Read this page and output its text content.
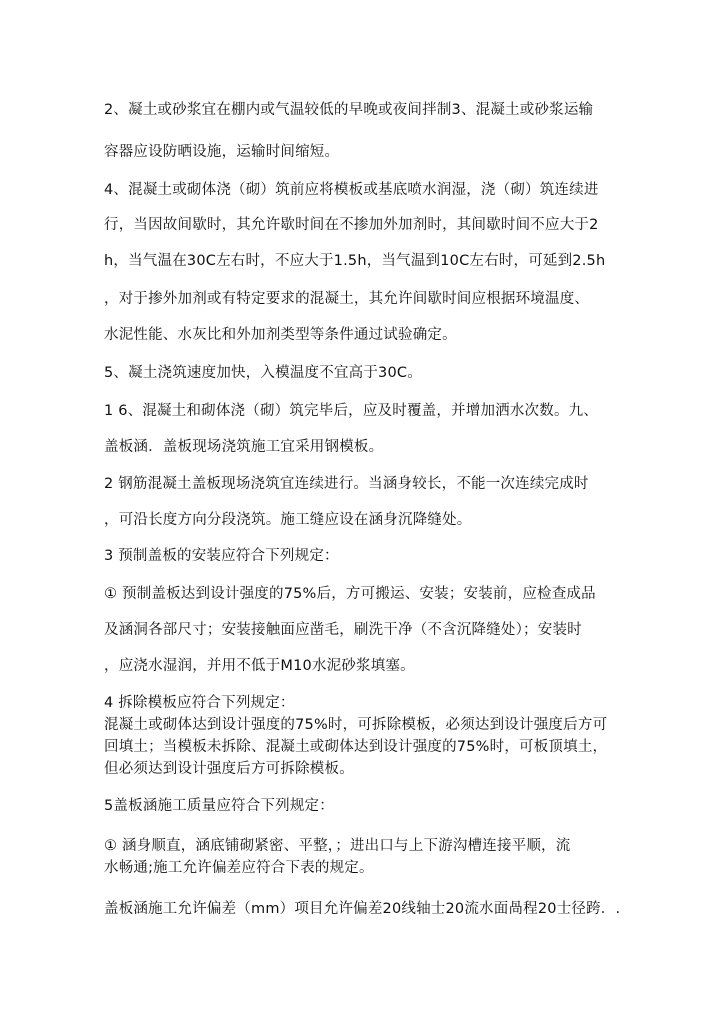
2、凝土或砂浆宜在棚内或气温较低的早晚或夜间拌制3、混凝土或砂浆运输
容器应设防晒设施，运输时间缩短。
4、混凝土或砌体浇（砌）筑前应将模板或基底喷水润湿，浇（砌）筑连续进
行，当因故间歇时，其允许歇时间在不掺加外加剂时，其间歇时间不应大于2
h，当气温在30C左右时，不应大于1.5h，当气温到10C左右时，可延到2.5h
，对于掺外加剂或有特定要求的混凝土，其允许间歇时间应根据环境温度、
水泥性能、水灰比和外加剂类型等条件通过试验确定。
5、凝土浇筑速度加快，入模温度不宜高于30C。
1 6、混凝土和砌体浇（砌）筑完毕后，应及时覆盖，并增加洒水次数。九、
盖板涵．盖板现场浇筑施工宜采用钢模板。
2 钢筋混凝土盖板现场浇筑宜连续进行。当涵身较长，不能一次连续完成时
，可沿长度方向分段浇筑。施工缝应设在涵身沉降缝处。
3 预制盖板的安装应符合下列规定：
① 预制盖板达到设计强度的75%后，方可搬运、安装；安装前，应检查成品
及涵洞各部尺寸；安装接触面应凿毛，刷洗干净（不含沉降缝处）；安装时
，应浇水湿润，并用不低于M10水泥砂浆填塞。
4 拆除模板应符合下列规定：
混凝土或砌体达到设计强度的75%时，可拆除模板，必须达到设计强度后方可
回填土；当模板未拆除、混凝土或砌体达到设计强度的75%时，可板顶填土，
但必须达到设计强度后方可拆除模板。
5盖板涵施工质量应符合下列规定：
① 涵身顺直，涵底铺砌紧密、平整，；进出口与上下游沟槽连接平顺，流
水畅通;施工允许偏差应符合下表的规定。
盖板涵施工允许偏差（mm）项目允许偏差20线轴士20流水面咼程20士径跨．.
